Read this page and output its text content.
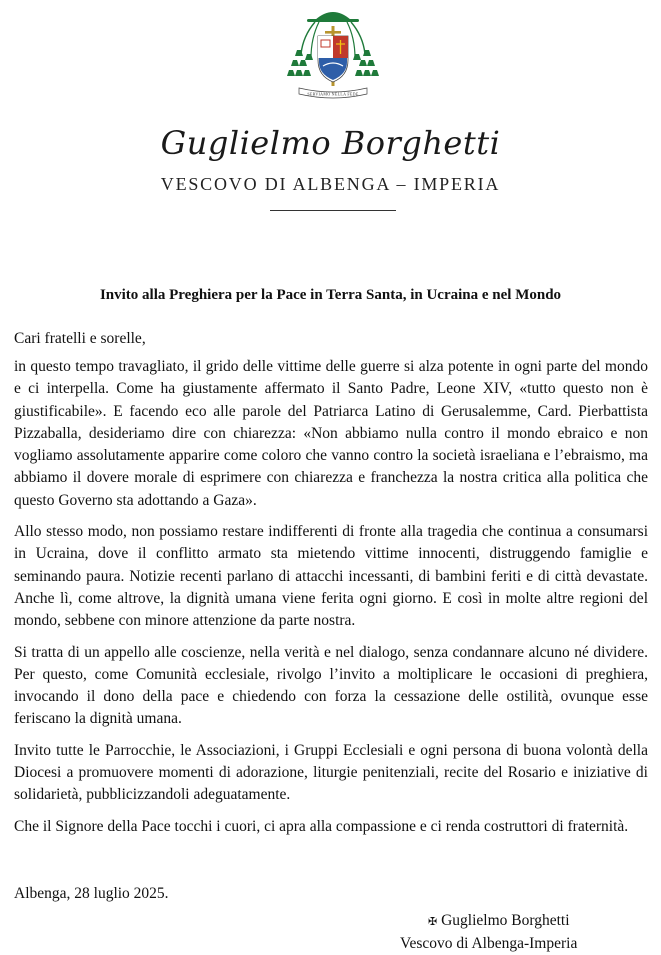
SERVIAMO NELLA FEDE
Guglielmo Borghetti
VESCOVO DI ALBENGA – IMPERIA
Invito alla Preghiera per la Pace in Terra Santa, in Ucraina e nel Mondo
Cari fratelli e sorelle,

in questo tempo travagliato, il grido delle vittime delle guerre si alza potente in ogni parte del mondo e ci interpella. Come ha giustamente affermato il Santo Padre, Leone XIV, «tutto questo non è giustificabile». E facendo eco alle parole del Patriarca Latino di Gerusalemme, Card. Pierbattista Pizzaballa, desideriamo dire con chiarezza: «Non abbiamo nulla contro il mondo ebraico e non vogliamo assolutamente apparire come coloro che vanno contro la società israeliana e l’ebraismo, ma abbiamo il dovere morale di esprimere con chiarezza e franchezza la nostra critica alla politica che questo Governo sta adottando a Gaza».

Allo stesso modo, non possiamo restare indifferenti di fronte alla tragedia che continua a consumarsi in Ucraina, dove il conflitto armato sta mietendo vittime innocenti, distruggendo famiglie e seminando paura. Notizie recenti parlano di attacchi incessanti, di bambini feriti e di città devastate. Anche lì, come altrove, la dignità umana viene ferita ogni giorno. E così in molte altre regioni del mondo, sebbene con minore attenzione da parte nostra.

Si tratta di un appello alle coscienze, nella verità e nel dialogo, senza condannare alcuno né dividere. Per questo, come Comunità ecclesiale, rivolgo l’invito a moltiplicare le occasioni di preghiera, invocando il dono della pace e chiedendo con forza la cessazione delle ostilità, ovunque esse feriscano la dignità umana.

Invito tutte le Parrocchie, le Associazioni, i Gruppi Ecclesiali e ogni persona di buona volontà della Diocesi a promuovere momenti di adorazione, liturgie penitenziali, recite del Rosario e iniziative di solidarietà, pubblicizzandoli adeguatamente.

Che il Signore della Pace tocchi i cuori, ci apra alla compassione e ci renda costruttori di fraternità.

Albenga, 28 luglio 2025.
✠ Guglielmo Borghetti
Vescovo di Albenga-Imperia
